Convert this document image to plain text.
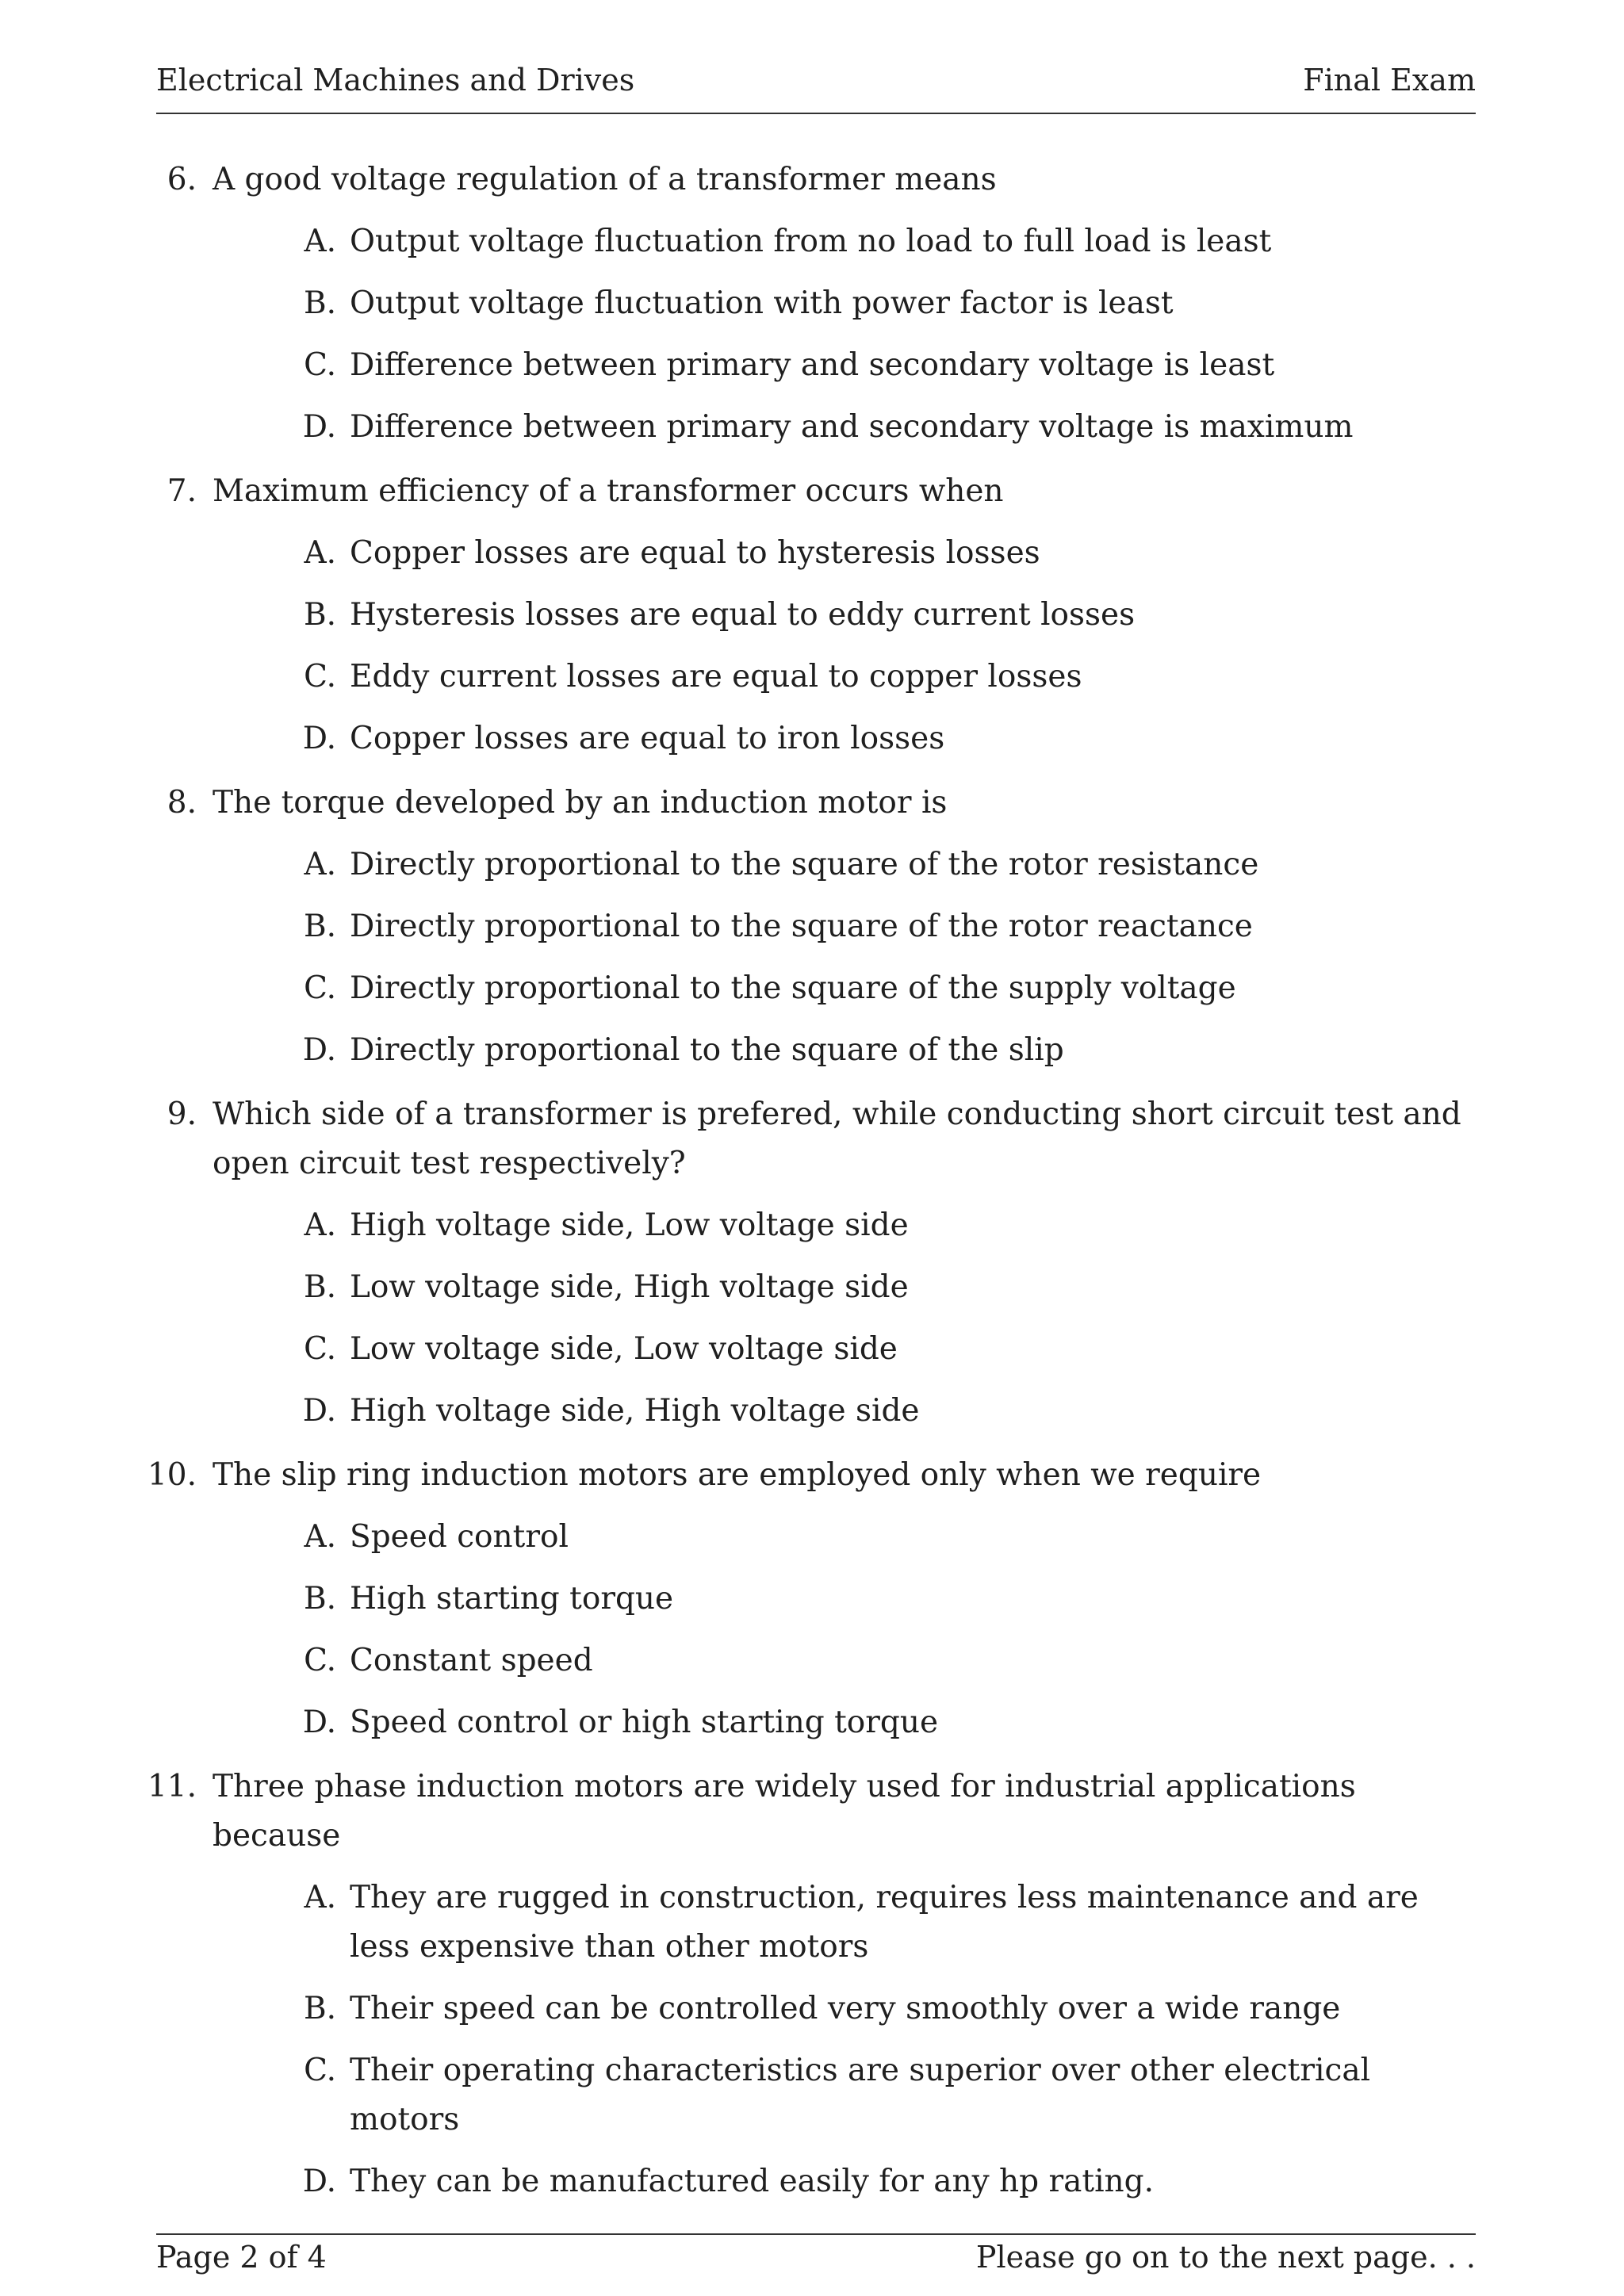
Electrical Machines and Drives	Final Exam
6. A good voltage regulation of a transformer means
A. Output voltage fluctuation from no load to full load is least
B. Output voltage fluctuation with power factor is least
C. Difference between primary and secondary voltage is least
D. Difference between primary and secondary voltage is maximum
7. Maximum efficiency of a transformer occurs when
A. Copper losses are equal to hysteresis losses
B. Hysteresis losses are equal to eddy current losses
C. Eddy current losses are equal to copper losses
D. Copper losses are equal to iron losses
8. The torque developed by an induction motor is
A. Directly proportional to the square of the rotor resistance
B. Directly proportional to the square of the rotor reactance
C. Directly proportional to the square of the supply voltage
D. Directly proportional to the square of the slip
9. Which side of a transformer is prefered, while conducting short circuit test and open circuit test respectively?
A. High voltage side, Low voltage side
B. Low voltage side, High voltage side
C. Low voltage side, Low voltage side
D. High voltage side, High voltage side
10. The slip ring induction motors are employed only when we require
A. Speed control
B. High starting torque
C. Constant speed
D. Speed control or high starting torque
11. Three phase induction motors are widely used for industrial applications because
A. They are rugged in construction, requires less maintenance and are less expensive than other motors
B. Their speed can be controlled very smoothly over a wide range
C. Their operating characteristics are superior over other electrical motors
D. They can be manufactured easily for any hp rating.
Page 2 of 4	Please go on to the next page. . .
